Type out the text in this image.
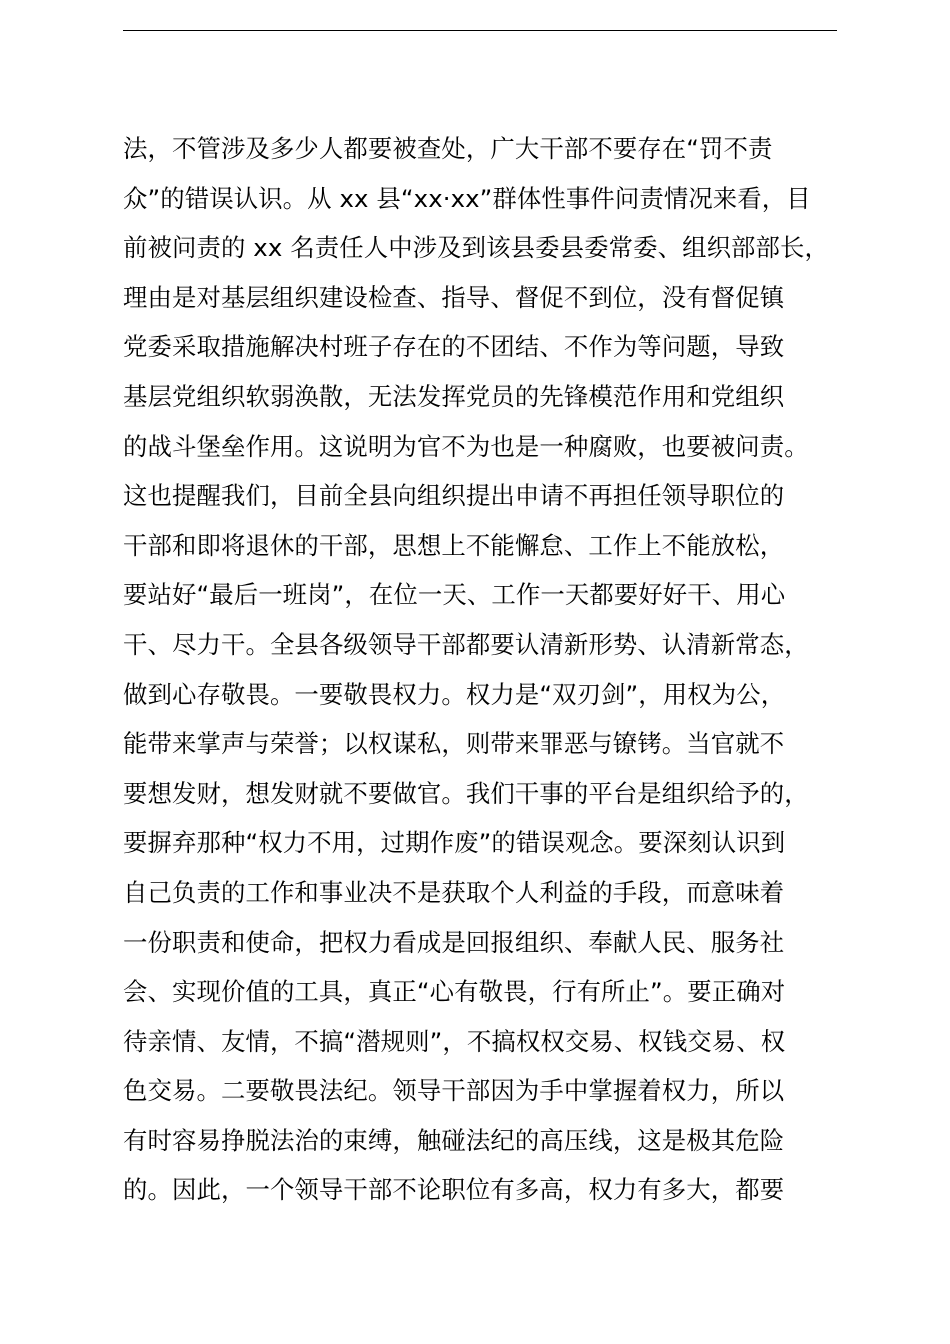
法，不管涉及多少人都要被查处，广大干部不要存在“罚不责
众”的错误认识。从 xx 县“xx·xx”群体性事件问责情况来看，目
前被问责的 xx 名责任人中涉及到该县委县委常委、组织部部长，
理由是对基层组织建设检查、指导、督促不到位，没有督促镇
党委采取措施解决村班子存在的不团结、不作为等问题，导致
基层党组织软弱涣散，无法发挥党员的先锋模范作用和党组织
的战斗堡垒作用。这说明为官不为也是一种腐败，也要被问责。
这也提醒我们，目前全县向组织提出申请不再担任领导职位的
干部和即将退休的干部，思想上不能懈怠、工作上不能放松，
要站好“最后一班岗”，在位一天、工作一天都要好好干、用心
干、尽力干。全县各级领导干部都要认清新形势、认清新常态，
做到心存敬畏。一要敬畏权力。权力是“双刃剑”，用权为公，
能带来掌声与荣誉；以权谋私，则带来罪恶与镣铐。当官就不
要想发财，想发财就不要做官。我们干事的平台是组织给予的，
要摒弃那种“权力不用，过期作废”的错误观念。要深刻认识到
自己负责的工作和事业决不是获取个人利益的手段，而意味着
一份职责和使命，把权力看成是回报组织、奉献人民、服务社
会、实现价值的工具，真正“心有敬畏，行有所止”。要正确对
待亲情、友情，不搞“潜规则”，不搞权权交易、权钱交易、权
色交易。二要敬畏法纪。领导干部因为手中掌握着权力，所以
有时容易挣脱法治的束缚，触碰法纪的高压线，这是极其危险
的。因此，一个领导干部不论职位有多高，权力有多大，都要
